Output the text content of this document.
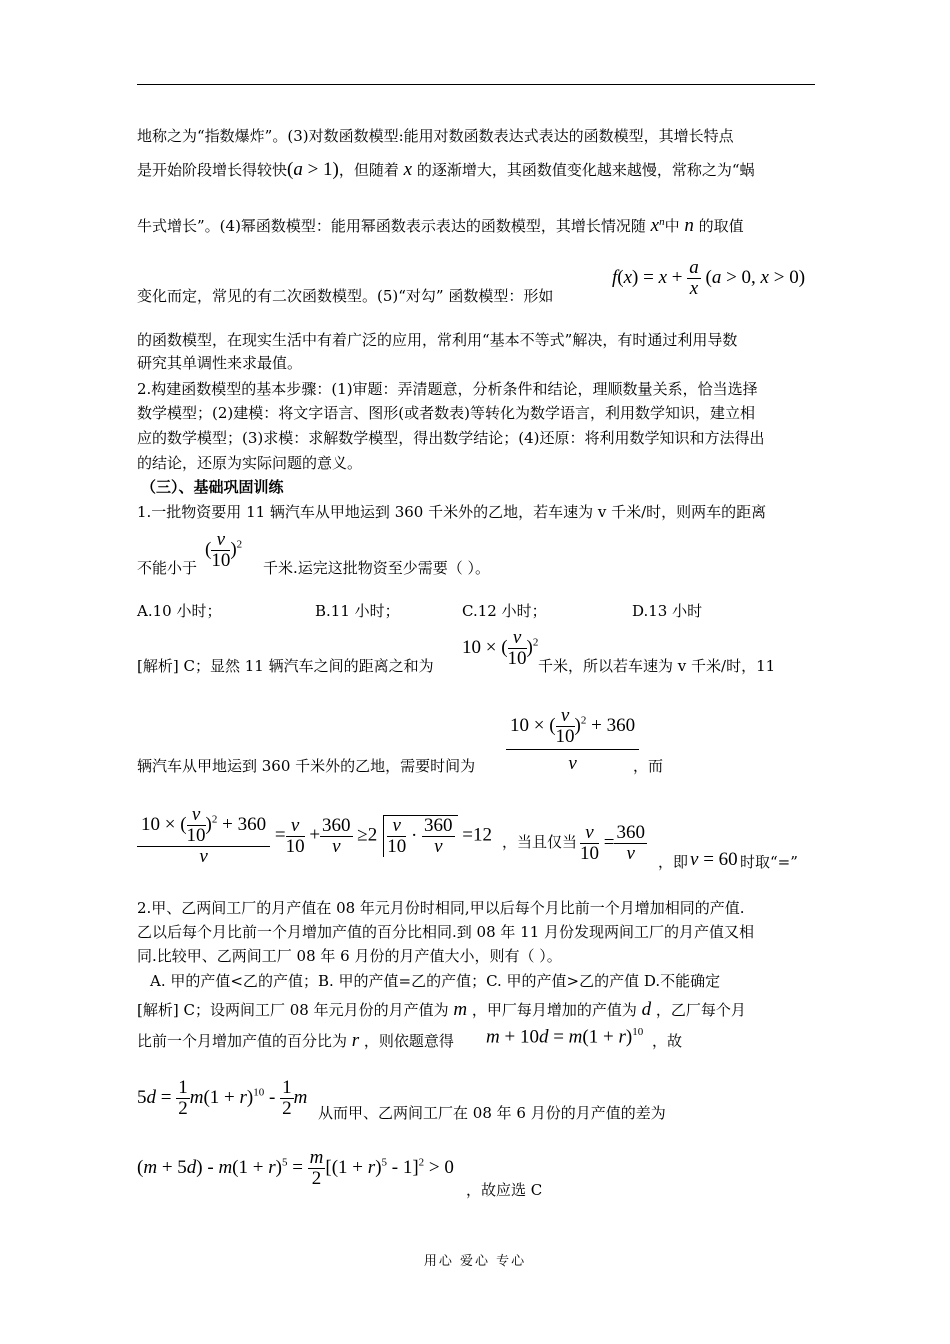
地称之为“指数爆炸”。(3)对数函数模型:能用对数函数表达式表达的函数模型，其增长特点
是开始阶段增长得较快(a > 1)，但随着 x 的逐渐增大，其函数值变化越来越慢，常称之为“蜗
牛式增长”。(4)幂函数模型：能用幂函数表示表达的函数模型，其增长情况随 $x^n$中 n 的取值
$f(x) = x + \frac{a}{x} (a > 0$, x > 0)
变化而定，常见的有二次函数模型。(5)“对勾” 函数模型：形如
的函数模型，在现实生活中有着广泛的应用，常利用“基本不等式”解决，有时通过利用导数
研究其单调性来求最值。
2.构建函数模型的基本步骤：(1)审题：弄清题意，分析条件和结论，理顺数量关系，恰当选择
数学模型；(2)建模：将文字语言、图形(或者数表)等转化为数学语言，利用数学知识，建立相
应的数学模型；(3)求模：求解数学模型，得出数学结论；(4)还原：将利用数学知识和方法得出
的结论，还原为实际问题的意义。
（三）、基础巩固训练
1.一批物资要用 11 辆汽车从甲地运到 360 千米外的乙地，若车速为 v 千米/时，则两车的距离
( $\frac{v}{10} )^2$
不能小于	千米.运完这批物资至少需要（ ）。
A.10 小时；	B.11 小时；	C.12 小时；	D.13 小时
10 × ( $\frac{v}{10} )^2$
[解析] C；显然 11 辆汽车之间的距离之和为	千米，所以若车速为 v 千米/时，11
10 × ( $\frac{v}{10} )^2 + 360$
v
辆汽车从甲地运到 360 千米外的乙地，需要时间为	，而
$\frac{10 \times ( \frac{v}{10} )^2 + 360}{v} = \frac{v}{10} + \frac{360}{v} \ge 2 \frac{v}{10} \cdot \frac{360}{v} =12$ ，当且仅当 $\frac{v}{10} = \frac{360}{v}$ ，即 v = 60 时取“=”
2.甲、乙两间工厂的月产值在 08 年元月份时相同,甲以后每个月比前一个月增加相同的产值.
乙以后每个月比前一个月增加产值的百分比相同.到 08 年 11 月份发现两间工厂的月产值又相
同.比较甲、乙两间工厂 08 年 6 月份的月产值大小，则有（ ）。
A. 甲的产值<乙的产值；B. 甲的产值=乙的产值；C. 甲的产值>乙的产值 D.不能确定
[解析] C；设两间工厂 08 年元月份的月产值为 m ，甲厂每月增加的产值为 d ，乙厂每个月
比前一个月增加产值的百分比为 r ，则依题意得 $m + 10d = m(1 + r)^{10}$ ，故
$5d = \frac{1}{2} m(1 + r)^{10} - \frac{1}{2}$ m
从而甲、乙两间工厂在 08 年 6 月份的月产值的差为
$(m + 5d) - m(1 + r)^5 = \frac{m}{2} [(1 + r)^5 - 1]^2 > 0$
，故应选 C
用心 爱心 专心
